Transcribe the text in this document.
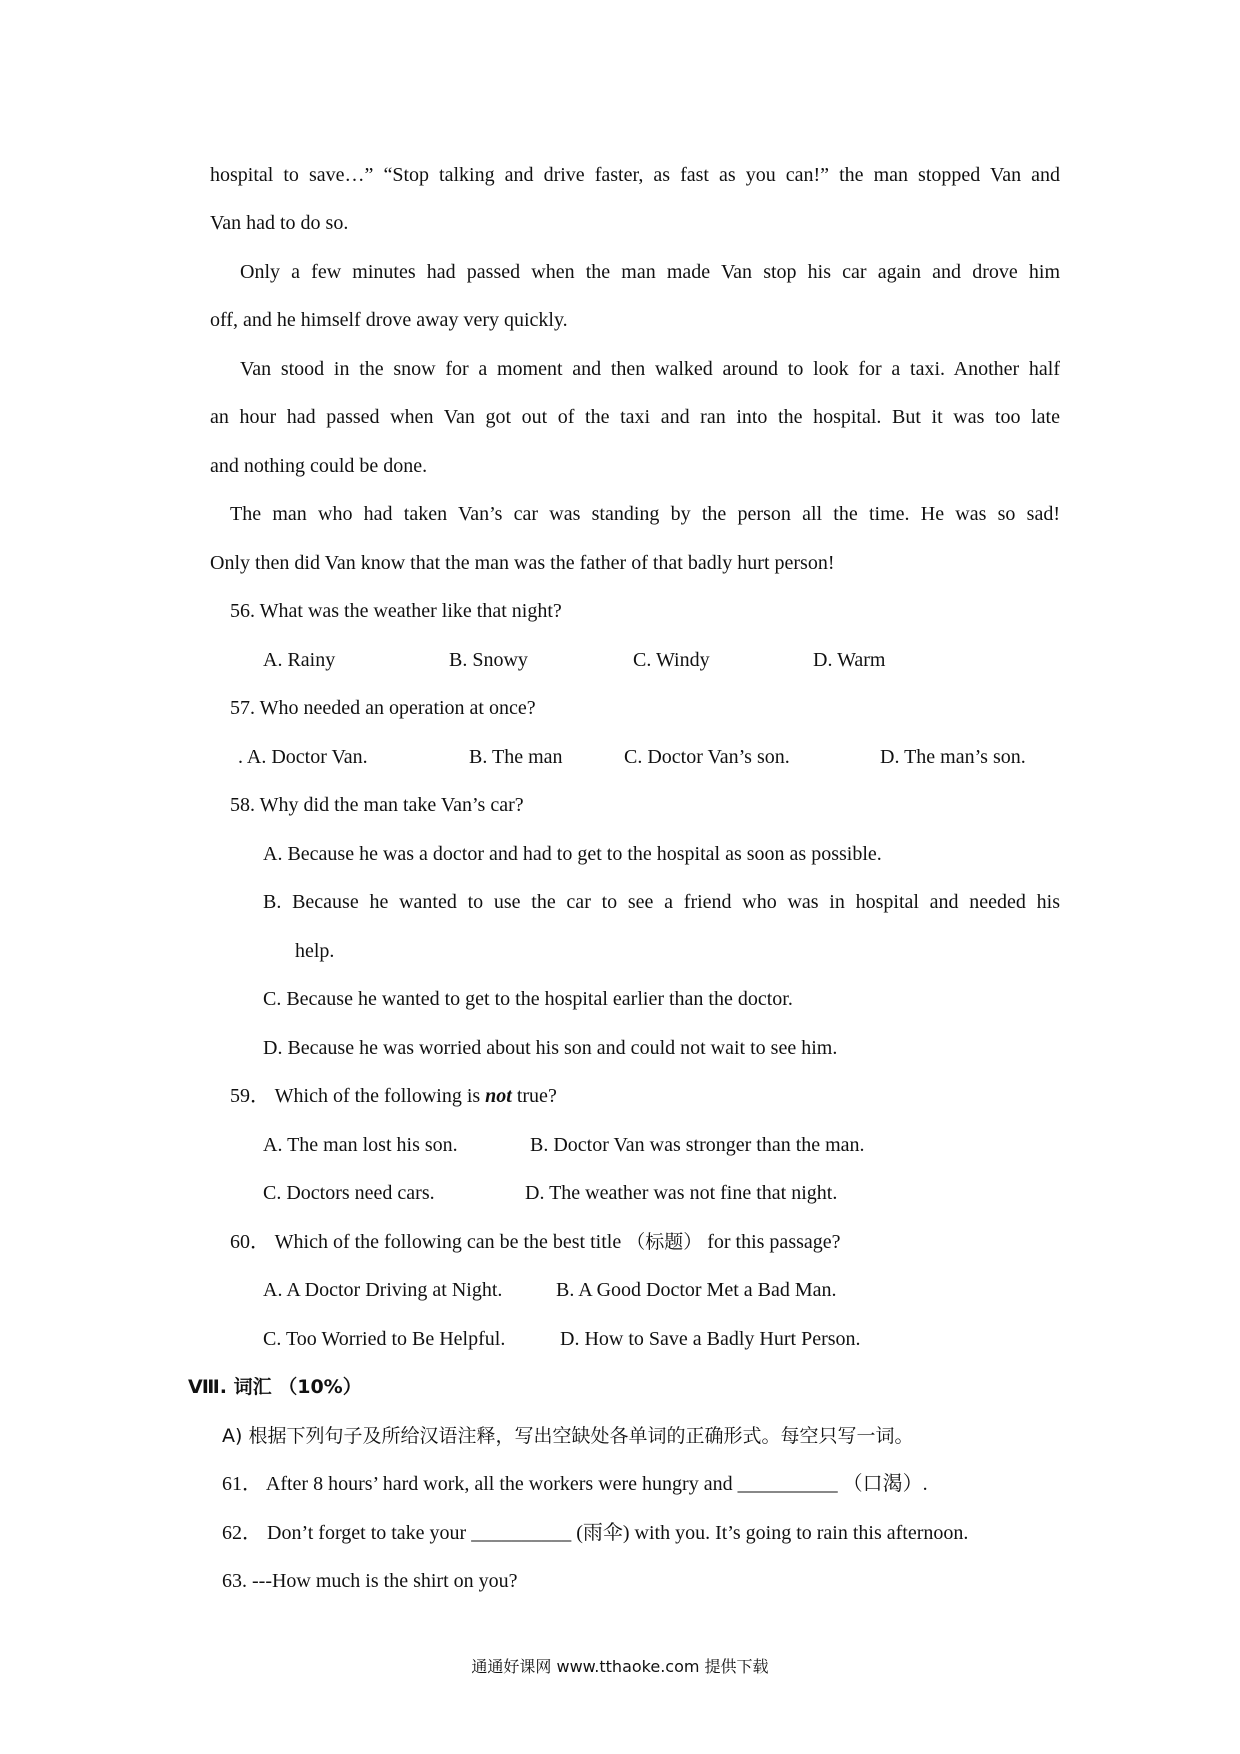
hospital to save…” “Stop talking and drive faster, as fast as you can!” the man stopped Van and
Van had to do so.
Only a few minutes had passed when the man made Van stop his car again and drove him
off, and he himself drove away very quickly.
Van stood in the snow for a moment and then walked around to look for a taxi. Another half
an hour had passed when Van got out of the taxi and ran into the hospital. But it was too late
and nothing could be done.
The man who had taken Van’s car was standing by the person all the time. He was so sad!
Only then did Van know that the man was the father of that badly hurt person!
56. What was the weather like that night?
A. Rainy	B. Snowy	C. Windy	D. Warm
57. Who needed an operation at once?
. A. Doctor Van.	B. The man	C. Doctor Van’s son.	D. The man’s son.
58. Why did the man take Van’s car?
A. Because he was a doctor and had to get to the hospital as soon as possible.
B. Because he wanted to use the car to see a friend who was in hospital and needed his
help.
C. Because he wanted to get to the hospital earlier than the doctor.
D. Because he was worried about his son and could not wait to see him.
59． Which of the following is not true?
A. The man lost his son.	B. Doctor Van was stronger than the man.
C. Doctors need cars.	D. The weather was not fine that night.
60． Which of the following can be the best title （标题） for this passage?
A. A Doctor Driving at Night.	B. A Good Doctor Met a Bad Man.
C. Too Worried to Be Helpful.	D. How to Save a Badly Hurt Person.
Ⅷ. 词汇 （10%）
A) 根据下列句子及所给汉语注释，写出空缺处各单词的正确形式。每空只写一词。
61． After 8 hours’ hard work, all the workers were hungry and __________ （口渴）.
62． Don’t forget to take your __________ (雨伞) with you. It’s going to rain this afternoon.
63. ---How much is the shirt on you?
通通好课网 www.tthaoke.com 提供下载
